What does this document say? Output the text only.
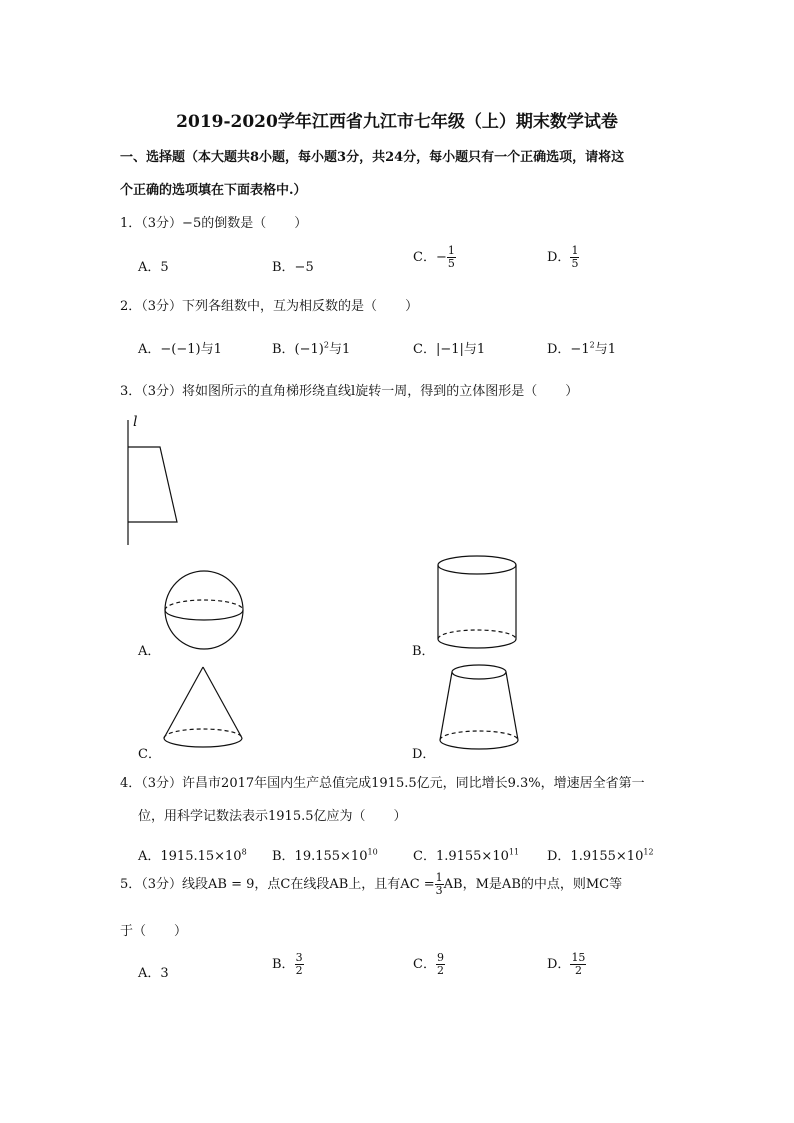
2019-2020学年江西省九江市七年级（上）期末数学试卷
一、选择题（本大题共8小题，每小题3分，共24分，每小题只有一个正确选项，请将这
个正确的选项填在下面表格中.）
1．（3分）−5的倒数是（ ）
A．5	B．−5
C．− $\frac{1}{5}$	D． $\frac{1}{5}$
2．（3分）下列各组数中，互为相反数的是（ ）
A．−(−1)与1	B．$(-1)^2$与1	C．|−1|与1	D．$-1^2$与1
3．（3分）将如图所示的直角梯形绕直线l旋转一周，得到的立体图形是（ ）
l
A．	B．
C．	D．
4．（3分）许昌市2017年国内生产总值完成1915.5亿元，同比增长9.3%，增速居全省第一
位，用科学记数法表示1915.5亿应为（ ）
A．$1915.15\times 10^8$ B．$19.155\times 10^{10}$	C．$1.9155\times 10^{11}$ D．$1.9155\times 10^{12}$
5．（3分）线段AB = 9，点C在线段AB上，且有AC = $\frac{1}{3}$ AB，M是AB的中点，则MC等
于（ ）
A．3
B． $\frac{3}{2}$	C． $\frac{9}{2}$	D． $\frac{15}{2}$
